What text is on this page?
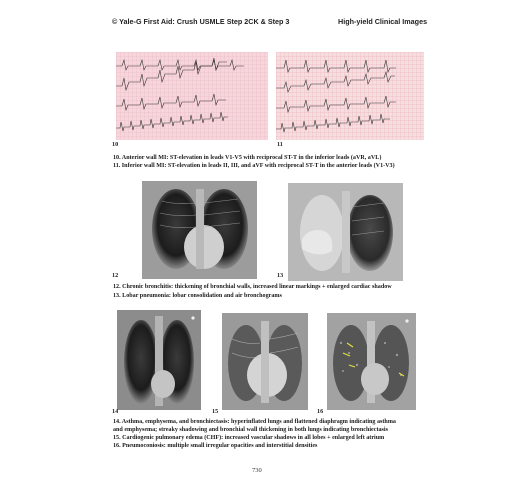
© Yale-G First Aid: Crush USMLE Step 2CK & Step 3	High-yield Clinical Images
10	11
10. Anterior wall MI: ST-elevation in leads V1-V5 with reciprocal ST-T in the inferior leads (aVR, aVL)
11. Inferior wall MI: ST-elevation in leads II, III, and aVF with reciprocal ST-T in the anterior leads (V1-V3)
12	13
12. Chronic bronchitis: thickening of bronchial walls, increased linear markings + enlarged cardiac shadow
13. Lobar pneumonia: lobar consolidation and air bronchograms
14	15	16
14. Asthma, emphysema, and bronchiectasis: hyperinflated lungs and flattened diaphragm indicating asthma
and emphysema; streaky shadowing and bronchial wall thickening in both lungs indicating bronchiectasis
15. Cardiogenic pulmonary edema (CHF): increased vascular shadows in all lobes + enlarged left atrium
16. Pneumoconiosis: multiple small irregular opacities and interstitial densities
730
